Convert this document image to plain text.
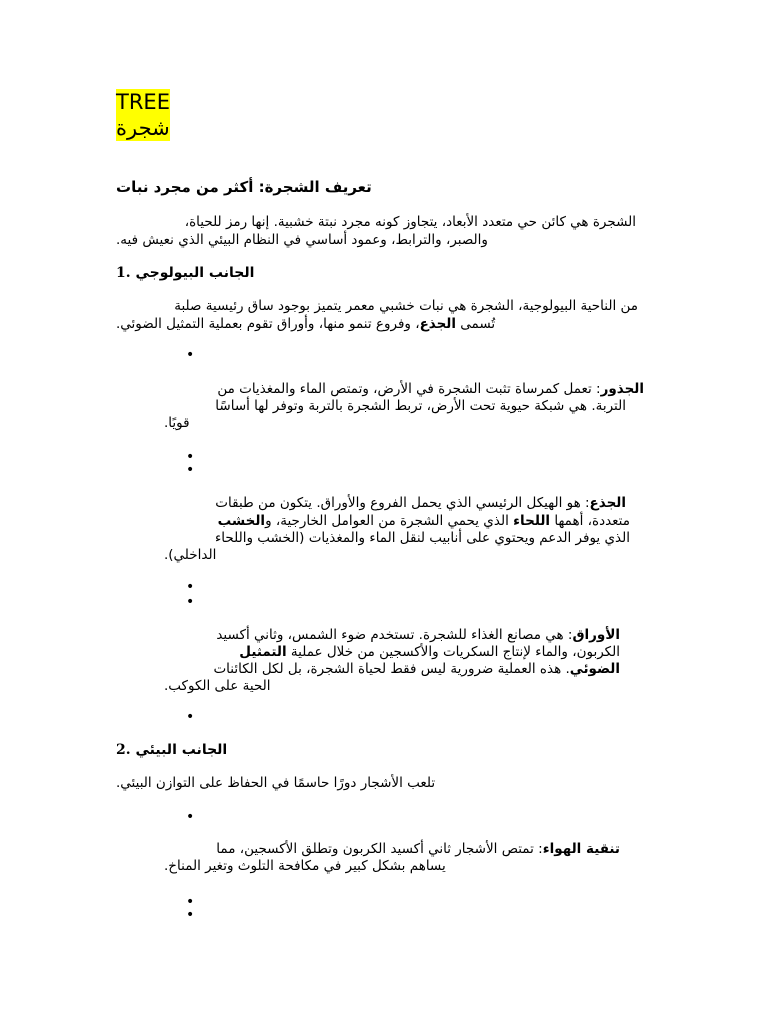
TREE
شجرة
تعريف الشجرة: أكثر من مجرد نبات
الشجرة هي كائن حي متعدد الأبعاد، يتجاوز كونه مجرد نبتة خشبية. إنها رمز للحياة،
والصبر، والترابط، وعمود أساسي في النظام البيئي الذي نعيش فيه.
1. الجانب البيولوجي
من الناحية البيولوجية، الشجرة هي نبات خشبي معمر يتميز بوجود ساق رئيسية صلبة
تُسمى الجذع، وفروع تنمو منها، وأوراق تقوم بعملية التمثيل الضوئي.
•
الجذور: تعمل كمرساة تثبت الشجرة في الأرض، وتمتص الماء والمغذيات من
التربة. هي شبكة حيوية تحت الأرض، تربط الشجرة بالتربة وتوفر لها أساسًا
قويًا.
•
•
الجذع: هو الهيكل الرئيسي الذي يحمل الفروع والأوراق. يتكون من طبقات
متعددة، أهمها اللحاء الذي يحمي الشجرة من العوامل الخارجية، والخشب
الذي يوفر الدعم ويحتوي على أنابيب لنقل الماء والمغذيات (الخشب واللحاء
الداخلي).
•
•
الأوراق: هي مصانع الغذاء للشجرة. تستخدم ضوء الشمس، وثاني أكسيد
الكربون، والماء لإنتاج السكريات والأكسجين من خلال عملية التمثيل
الضوئي. هذه العملية ضرورية ليس فقط لحياة الشجرة، بل لكل الكائنات
الحية على الكوكب.
•
2. الجانب البيئي
تلعب الأشجار دورًا حاسمًا في الحفاظ على التوازن البيئي.
•
تنقية الهواء: تمتص الأشجار ثاني أكسيد الكربون وتطلق الأكسجين، مما
يساهم بشكل كبير في مكافحة التلوث وتغير المناخ.
•
•
